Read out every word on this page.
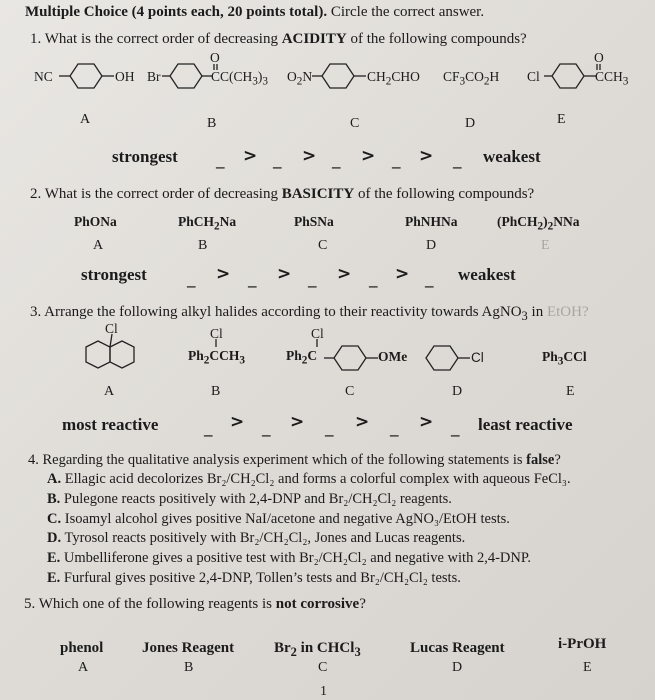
Multiple Choice (4 points each, 20 points total). Circle the correct answer.
1. What is the correct order of decreasing ACIDITY of the following compounds?
NC	OH Br
O
$CC(CH_3)_3$ $O_2N$	$CH_2CHO$ $CF_3CO_2H$ Cl
O
$CCH_3$
A	B	C	D	E
strongest _ > _ > _ > _ > _ weakest
2. What is the correct order of decreasing BASICITY of the following compounds?
PhONa	PhCH$_2$Na	PhSNa	PhNHNa	$(PhCH_2)_2NNa$
A	B	C	D	E
strongest _ > _ > _ > _ > _ weakest
3. Arrange the following alkyl halides according to their reactivity towards AgNO$_3$ in EtOH?
Cl	Cl
$Ph_2CCH_3$
Cl
$Ph_2C$	OMe	Cl	$Ph_3CCl$
A	B	C	D	E
most reactive	_ > _ > _ > _ > _ least reactive
4. Regarding the qualitative analysis experiment which of the following statements is false?
A. Ellagic acid decolorizes Br₂/CH₂Cl₂ and forms a colorful complex with aqueous FeCl₃.
B. Pulegone reacts positively with 2,4-DNP and Br₂/CH₂Cl₂ reagents.
C. Isoamyl alcohol gives positive NaI/acetone and negative AgNO₃/EtOH tests.
D. Tyrosol reacts positively with Br₂/CH₂Cl₂, Jones and Lucas reagents.
E. Umbelliferone gives a positive test with Br₂/CH₂Cl₂ and negative with 2,4-DNP.
E. Furfural gives positive 2,4-DNP, Tollen’s tests and Br₂/CH₂Cl₂ tests.
5. Which one of the following reagents is not corrosive?
phenol	Jones Reagent	$Br_2$ in CHCl$_3$	Lucas Reagent	i-PrOH
A	B	C	D	E
1
